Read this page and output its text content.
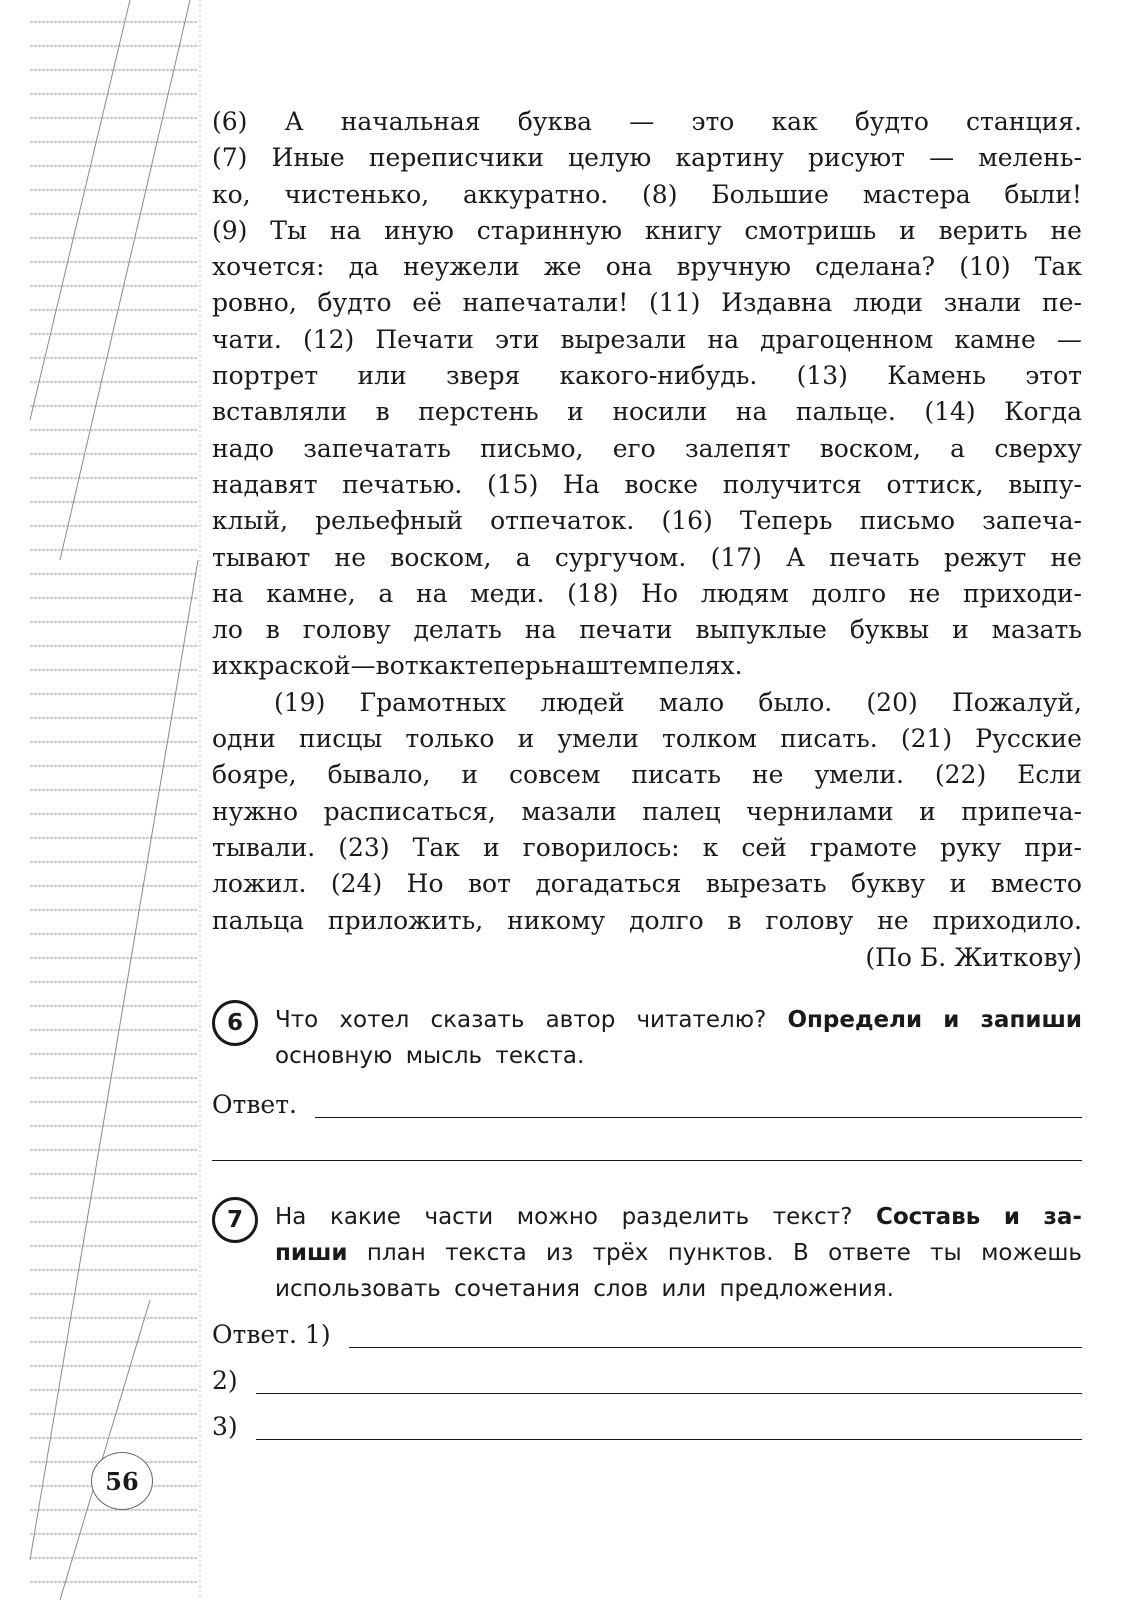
(6) А начальная буква — это как будто станция.
(7) Иные переписчики целую картину рисуют — мелень-
ко, чистенько, аккуратно. (8) Большие мастера были!
(9) Ты на иную старинную книгу смотришь и верить не
хочется: да неужели же она вручную сделана? (10) Так
ровно, будто её напечатали! (11) Издавна люди знали пе-
чати. (12) Печати эти вырезали на драгоценном камне —
портрет или зверя какого-нибудь. (13) Камень этот
вставляли в перстень и носили на пальце. (14) Когда
надо запечатать письмо, его залепят воском, а сверху
надавят печатью. (15) На воске получится оттиск, выпу-
клый, рельефный отпечаток. (16) Теперь письмо запеча-
тывают не воском, а сургучом. (17) А печать режут не
на камне, а на меди. (18) Но людям долго не приходи-
ло в голову делать на печати выпуклые буквы и мазать
их краской — вот как теперь на штемпелях.
(19) Грамотных людей мало было. (20) Пожалуй,
одни писцы только и умели толком писать. (21) Русские
бояре, бывало, и совсем писать не умели. (22) Если
нужно расписаться, мазали палец чернилами и припеча-
тывали. (23) Так и говорилось: к сей грамоте руку при-
ложил. (24) Но вот догадаться вырезать букву и вместо
пальца приложить, никому долго в голову не приходило.
(По Б. Житкову)
6	Что хотел сказать автор читателю? Определи и запиши
основную мысль текста.
Ответ.
7	На какие части можно разделить текст? Составь и за-
пиши план текста из трёх пунктов. В ответе ты можешь
использовать сочетания слов или предложения.
Ответ. 1)
2)
3)
56
